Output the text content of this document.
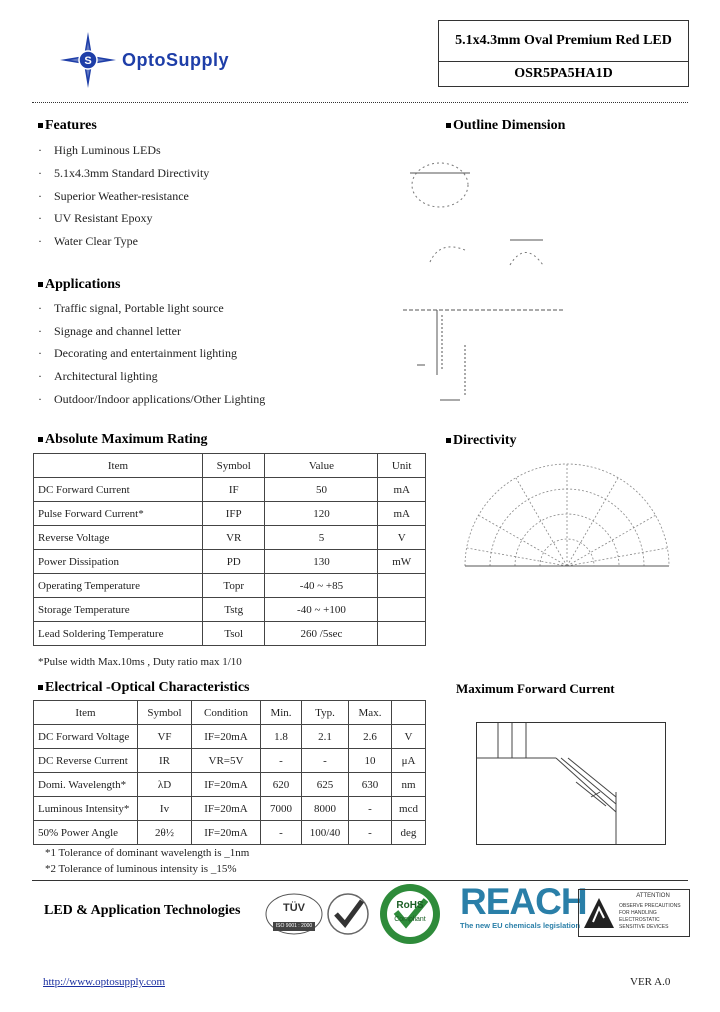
S OptoSupply
5.1x4.3mm Oval Premium Red LED
OSR5PA5HA1D
Features
· High Luminous LEDs
· 5.1x4.3mm Standard Directivity
· Superior Weather-resistance
· UV Resistant Epoxy
· Water Clear Type
Applications
· Traffic signal, Portable light source
· Signage and channel letter
· Decorating and entertainment lighting
· Architectural lighting
· Outdoor/Indoor applications/Other Lighting
Outline Dimension
Absolute Maximum Rating
Item	Symbol	Value	Unit
DC Forward Current	IF	50	mA
Pulse Forward Current*	IFP	120	mA
Reverse Voltage	VR	5	V
Power Dissipation	PD	130	mW
Operating Temperature	Topr	-40 ~ +85	
Storage Temperature	Tstg	-40 ~ +100	
Lead Soldering Temperature	Tsol	260 /5sec	
*Pulse width Max.10ms , Duty ratio max 1/10
Directivity
Electrical -Optical Characteristics
Item	Symbol	Condition	Min.	Typ.	Max.	
DC Forward Voltage	VF	IF=20mA	1.8	2.1	2.6	V
DC Reverse Current	IR	VR=5V	-	-	10	μA
Domi. Wavelength*	λD	IF=20mA	620	625	630	nm
Luminous Intensity*	Iv	IF=20mA	7000	8000	-	mcd
50% Power Angle	2θ½	IF=20mA	-	100/40	-	deg
*1 Tolerance of dominant wavelength is _1nm
*2 Tolerance of luminous intensity is _15%
Maximum Forward Current
LED & Application Technologies	TÜV
ISO 9001 : 2000
RoHS
Compliant REACH
The new EU chemicals legislation
ATTENTION
OBSERVE PRECAUTIONS
FOR HANDLING
ELECTROSTATIC
SENSITIVE DEVICES
http://www.optosupply.com	VER A.0
